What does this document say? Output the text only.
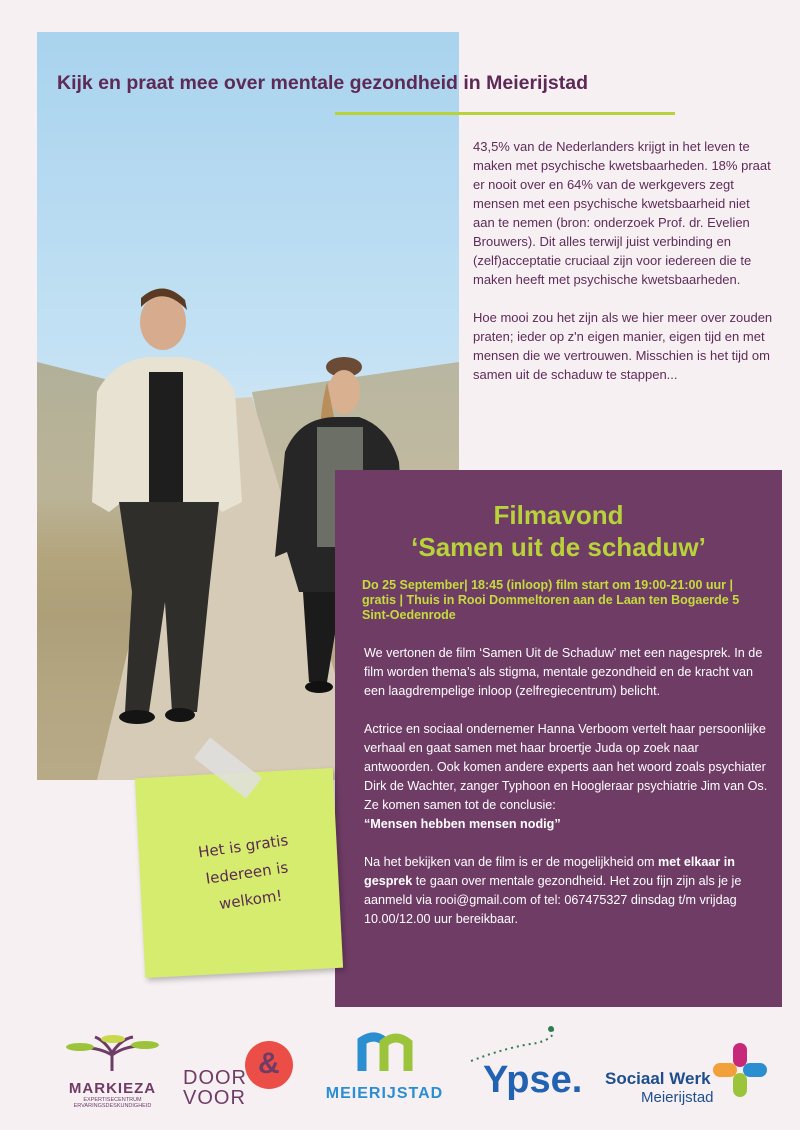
Kijk en praat mee over mentale gezondheid in Meierijstad

43,5% van de Nederlanders krijgt in het leven te maken met psychische kwetsbaarheden. 18% praat er nooit over en 64% van de werkgevers zegt mensen met een psychische kwetsbaarheid niet aan te nemen (bron: onderzoek Prof. dr. Evelien Brouwers). Dit alles terwijl juist verbinding en (zelf)acceptatie cruciaal zijn voor iedereen die te maken heeft met psychische kwetsbaarheden.

Hoe mooi zou het zijn als we hier meer over zouden praten; ieder op z'n eigen manier, eigen tijd en met mensen die we vertrouwen. Misschien is het tijd om samen uit de schaduw te stappen...

Filmavond
‘Samen uit de schaduw’

Do 25 September| 18:45 (inloop) film start om 19:00-21:00 uur | gratis | Thuis in Rooi Dommeltoren aan de Laan ten Bogaerde 5 Sint-Oedenrode

We vertonen de film ‘Samen Uit de Schaduw’ met een nagesprek. In de film worden thema’s als stigma, mentale gezondheid en de kracht van een laagdrempelige inloop (zelfregiecentrum) belicht.

Actrice en sociaal ondernemer Hanna Verboom vertelt haar persoonlijke verhaal en gaat samen met haar broertje Juda op zoek naar antwoorden. Ook komen andere experts aan het woord zoals psychiater Dirk de Wachter, zanger Typhoon en Hoogleraar psychiatrie Jim van Os. Ze komen samen tot de conclusie:
“Mensen hebben mensen nodig”

Na het bekijken van de film is er de mogelijkheid om met elkaar in gesprek te gaan over mentale gezondheid. Het zou fijn zijn als je je aanmeld via rooi@gmail.com of tel: 067475327 dinsdag t/m vrijdag 10.00/12.00 uur bereikbaar.

Het is gratis
Iedereen is
welkom!

MARKIEZA
EXPERTISECENTRUM
ERVARINGSDESKUNDIGHEID
&
DOOR
VOOR	MEIERIJSTAD Ypse. Sociaal Werk
Meierijstad
